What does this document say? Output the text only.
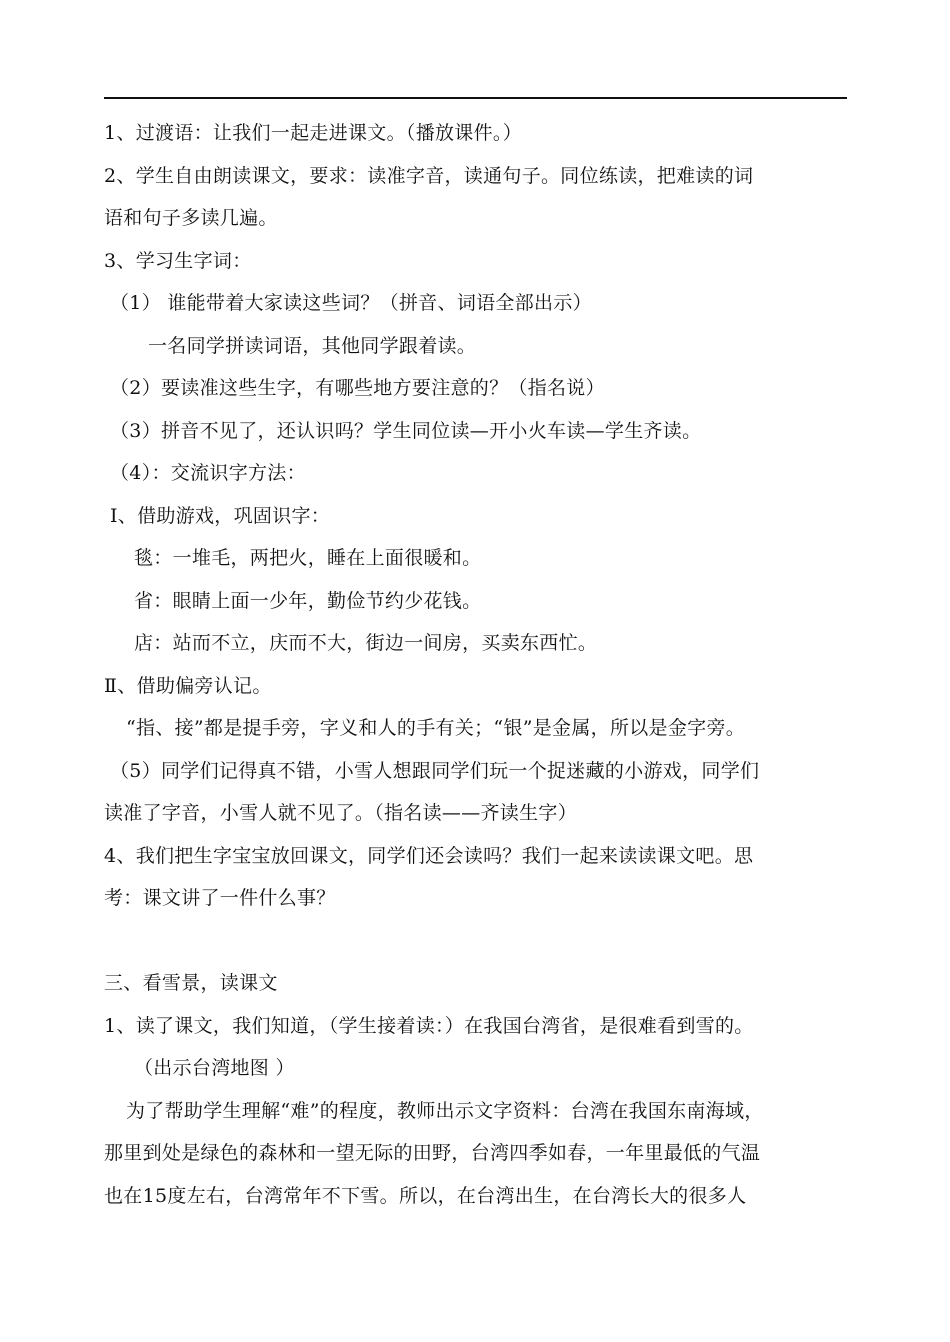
1、过渡语：让我们一起走进课文。（播放课件。）
2、学生自由朗读课文，要求：读准字音，读通句子。同位练读，把难读的词
语和句子多读几遍。
3、学习生字词：
（1） 谁能带着大家读这些词？（拼音、词语全部出示）
一名同学拼读词语，其他同学跟着读。
（2）要读准这些生字，有哪些地方要注意的？（指名说）
（3）拼音不见了，还认识吗？学生同位读—开小火车读—学生齐读。
（4）：交流识字方法：
Ⅰ、借助游戏，巩固识字：
毯：一堆毛，两把火，睡在上面很暖和。
省：眼睛上面一少年，勤俭节约少花钱。
店：站而不立，庆而不大，街边一间房，买卖东西忙。
Ⅱ、借助偏旁认记。
“指、接”都是提手旁，字义和人的手有关；“银”是金属，所以是金字旁。
（5）同学们记得真不错，小雪人想跟同学们玩一个捉迷藏的小游戏，同学们
读准了字音，小雪人就不见了。（指名读——齐读生字）
4、我们把生字宝宝放回课文，同学们还会读吗？我们一起来读读课文吧。思
考：课文讲了一件什么事？
三、看雪景，读课文
1、读了课文，我们知道，（学生接着读：）在我国台湾省，是很难看到雪的。
（出示台湾地图 ）
为了帮助学生理解“难”的程度，教师出示文字资料：台湾在我国东南海域，
那里到处是绿色的森林和一望无际的田野，台湾四季如春，一年里最低的气温
也在15度左右，台湾常年不下雪。所以，在台湾出生，在台湾长大的很多人
